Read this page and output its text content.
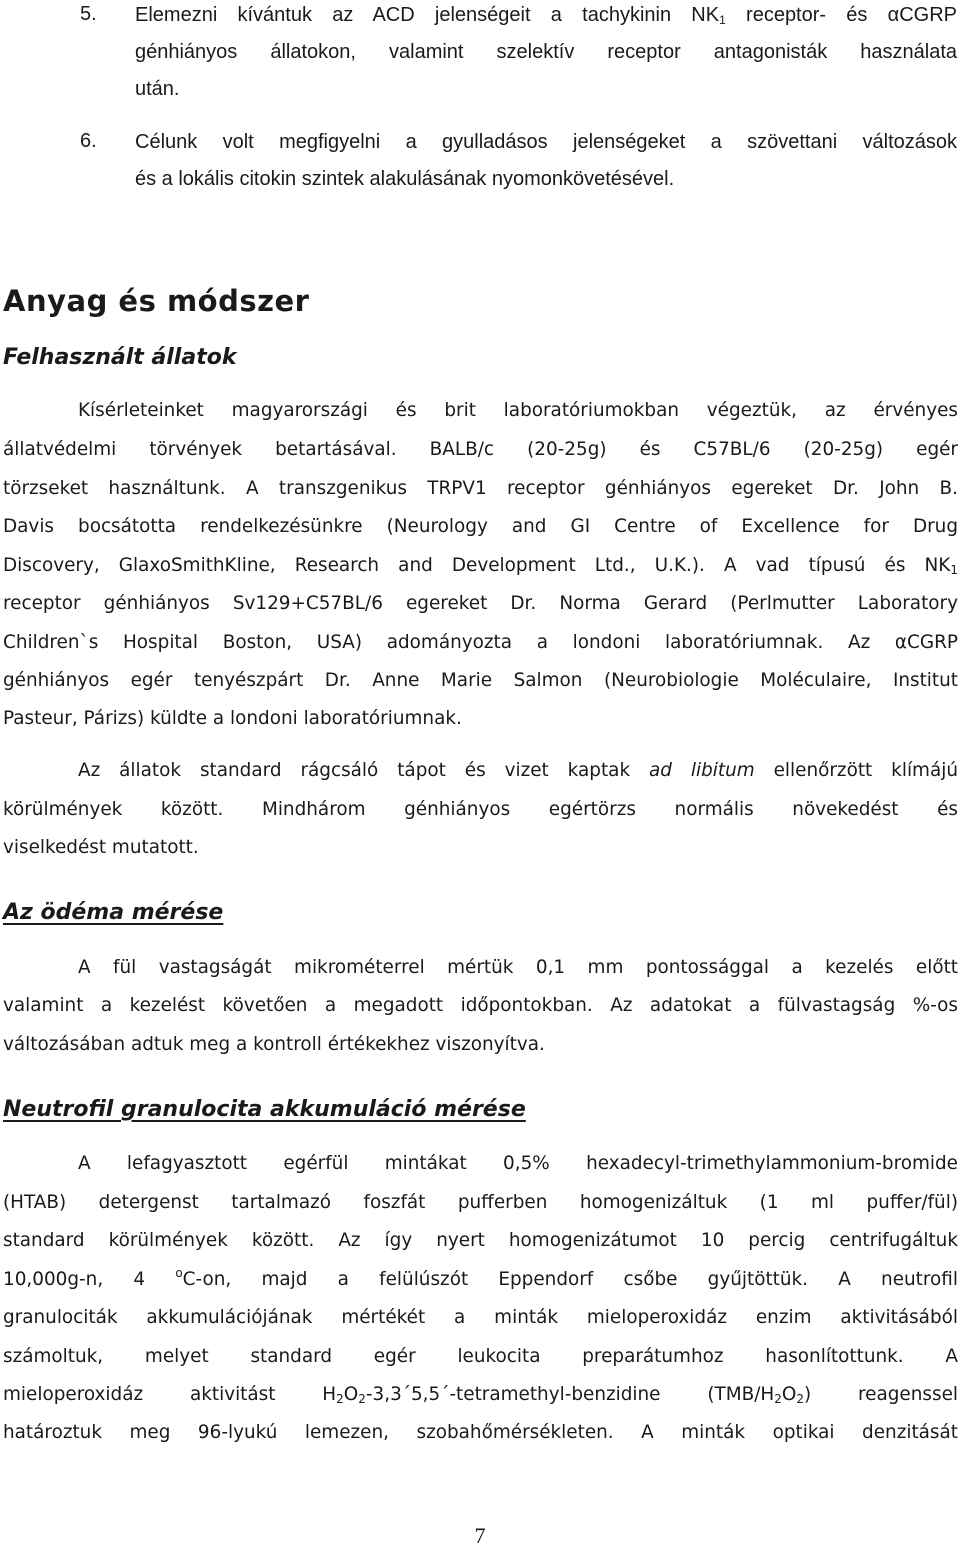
5. Elemezni kívántuk az ACD jelenségeit a tachykinin $NK_1$ receptor- és αCGRP
génhiányos állatokon, valamint szelektív receptor antagonisták használata
után.
6. Célunk volt megfigyelni a gyulladásos jelenségeket a szövettani változások
és a lokális citokin szintek alakulásának nyomonkövetésével.
Anyag és módszer
Felhasznált állatok
Kísérleteinket magyarországi és brit laboratóriumokban végeztük, az érvényes
állatvédelmi törvények betartásával. BALB/c (20-25g) és C57BL/6 (20-25g) egér
törzseket használtunk. A transzgenikus TRPV1 receptor génhiányos egereket Dr. John B.
Davis bocsátotta rendelkezésünkre (Neurology and GI Centre of Excellence for Drug
Discovery, GlaxoSmithKline, Research and Development Ltd., U.K.). A vad típusú és $NK_1$
receptor génhiányos Sv129+C57BL/6 egereket Dr. Norma Gerard (Perlmutter Laboratory
Children`s Hospital Boston, USA) adományozta a londoni laboratóriumnak. Az αCGRP
génhiányos egér tenyészpárt Dr. Anne Marie Salmon (Neurobiologie Moléculaire, Institut
Pasteur, Párizs) küldte a londoni laboratóriumnak.
Az állatok standard rágcsáló tápot és vizet kaptak ad libitum ellenőrzött klímájú
körülmények között. Mindhárom génhiányos egértörzs normális növekedést és
viselkedést mutatott.
Az ödéma mérése
A fül vastagságát mikrométerrel mértük 0,1 mm pontossággal a kezelés előtt
valamint a kezelést követően a megadott időpontokban. Az adatokat a fülvastagság %-os
változásában adtuk meg a kontroll értékekhez viszonyítva.
Neutrofil granulocita akkumuláció mérése
A lefagyasztott egérfül mintákat 0,5% hexadecyl-trimethylammonium-bromide
(HTAB) detergenst tartalmazó foszfát pufferben homogenizáltuk (1 ml puffer/fül)
standard körülmények között. Az így nyert homogenizátumot 10 percig centrifugáltuk
10,000g-n, 4 $^o$C-on, majd a felülúszót Eppendorf csőbe gyűjtöttük. A neutrofil
granulociták akkumulációjának mértékét a minták mieloperoxidáz enzim aktivitásából
számoltuk, melyet standard egér leukocita preparátumhoz hasonlítottunk. A
mieloperoxidáz aktivitást $H_2O_2-3,3΄5,5΄-tetramethyl$-benzidine $(TMB/H_2O_2)$ reagenssel
határoztuk meg 96-lyukú lemezen, szobahőmérsékleten. A minták optikai denzitását
7
